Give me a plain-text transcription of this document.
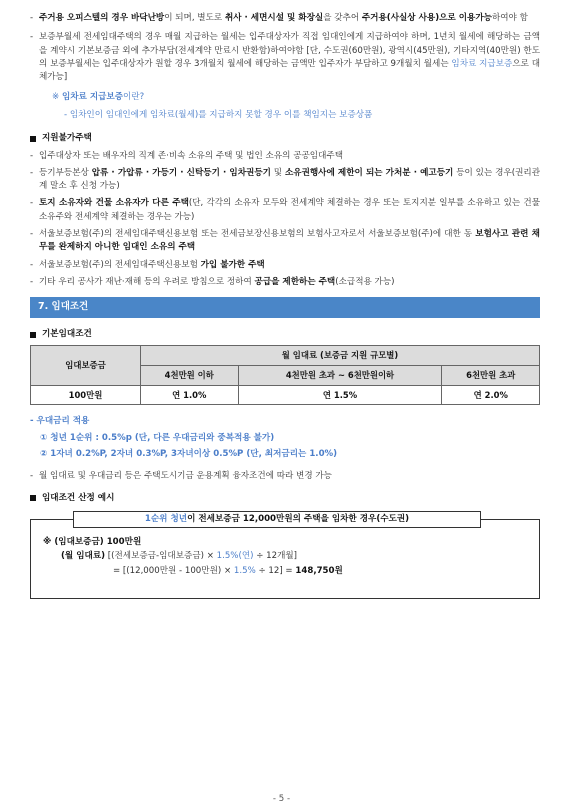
- 주거용 오피스텔의 경우 바닥난방이 되며, 별도로 취사 · 세면시설 및 화장실을 갖추어 주거용(사실상 사용)으로 이용가능하여야 함
- 보증부월세 전세임대주택의 경우 매월 지급하는 월세는 입주대상자가 직접 임대인에게 지급하여야 하며, 1년치 월세에 해당하는 금액을 계약시 기본보증금 외에 추가부담(전세계약 만료시 반환함)하여야함 [단, 수도권(60만원), 광역시(45만원), 기타지역(40만원) 한도의 보증부월세는 입주대상자가 원할 경우 3개월치 월세에 해당하는 금액만 입주자가 부담하고 9개월치 월세는 임차료 지급보증으로 대체가능]
※ 임차료 지급보증이란?
- 임차인이 임대인에게 임차료(월세)를 지급하지 못할 경우 이를 책임지는 보증상품
지원불가주택
- 입주대상자 또는 배우자의 직계 존·비속 소유의 주택 및 법인 소유의 공공임대주택
- 등기부등본상 압류 · 가압류 · 가등기 · 신탁등기 · 임차권등기 및 소유권행사에 제한이 되는 가처분 · 예고등기 등이 있는 경우(권리관계 말소 후 신청 가능)
- 토지 소유자와 건물 소유자가 다른 주택(단, 각각의 소유자 모두와 전세계약 체결하는 경우 또는 토지지분 일부를 소유하고 있는 건물 소유주와 전세계약 체결하는 경우는 가능)
- 서울보증보험(주)의 전세임대주택신용보험 또는 전세금보장신용보험의 보험사고자로서 서울보증보험(주)에 대한 동 보험사고 관련 채무를 완제하지 아니한 임대인 소유의 주택
- 서울보증보험(주)의 전세임대주택신용보험 가입 불가한 주택
- 기타 우리 공사가 재난·재해 등의 우려로 방침으로 정하여 공급을 제한하는 주택(소급적용 가능)
7. 임대조건
기본임대조건
임대보증금	월 임대료 (보증금 지원 규모별)		
	4천만원 이하	4천만원 초과 ~ 6천만원이하	6천만원 초과
100만원	연 1.0%	연 1.5%	연 2.0%
- 우대금리 적용
① 청년 1순위 : 0.5%p (단, 다른 우대금리와 중복적용 불가)
② 1자녀 0.2%P, 2자녀 0.3%P, 3자녀이상 0.5%P (단, 최저금리는 1.0%)
- 월 임대료 및 우대금리 등은 주택도시기금 운용계획 융자조건에 따라 변경 가능
임대조건 산정 예시
1순위 청년이 전세보증금 12,000만원의 주택을 임차한 경우(수도권)
※ (임대보증금) 100만원
(월 임대료) [(전세보증금-임대보증금) × 1.5%(연) ÷ 12개월]
= [(12,000만원 - 100만원) × 1.5% ÷ 12] = 148,750원
- 5 -
